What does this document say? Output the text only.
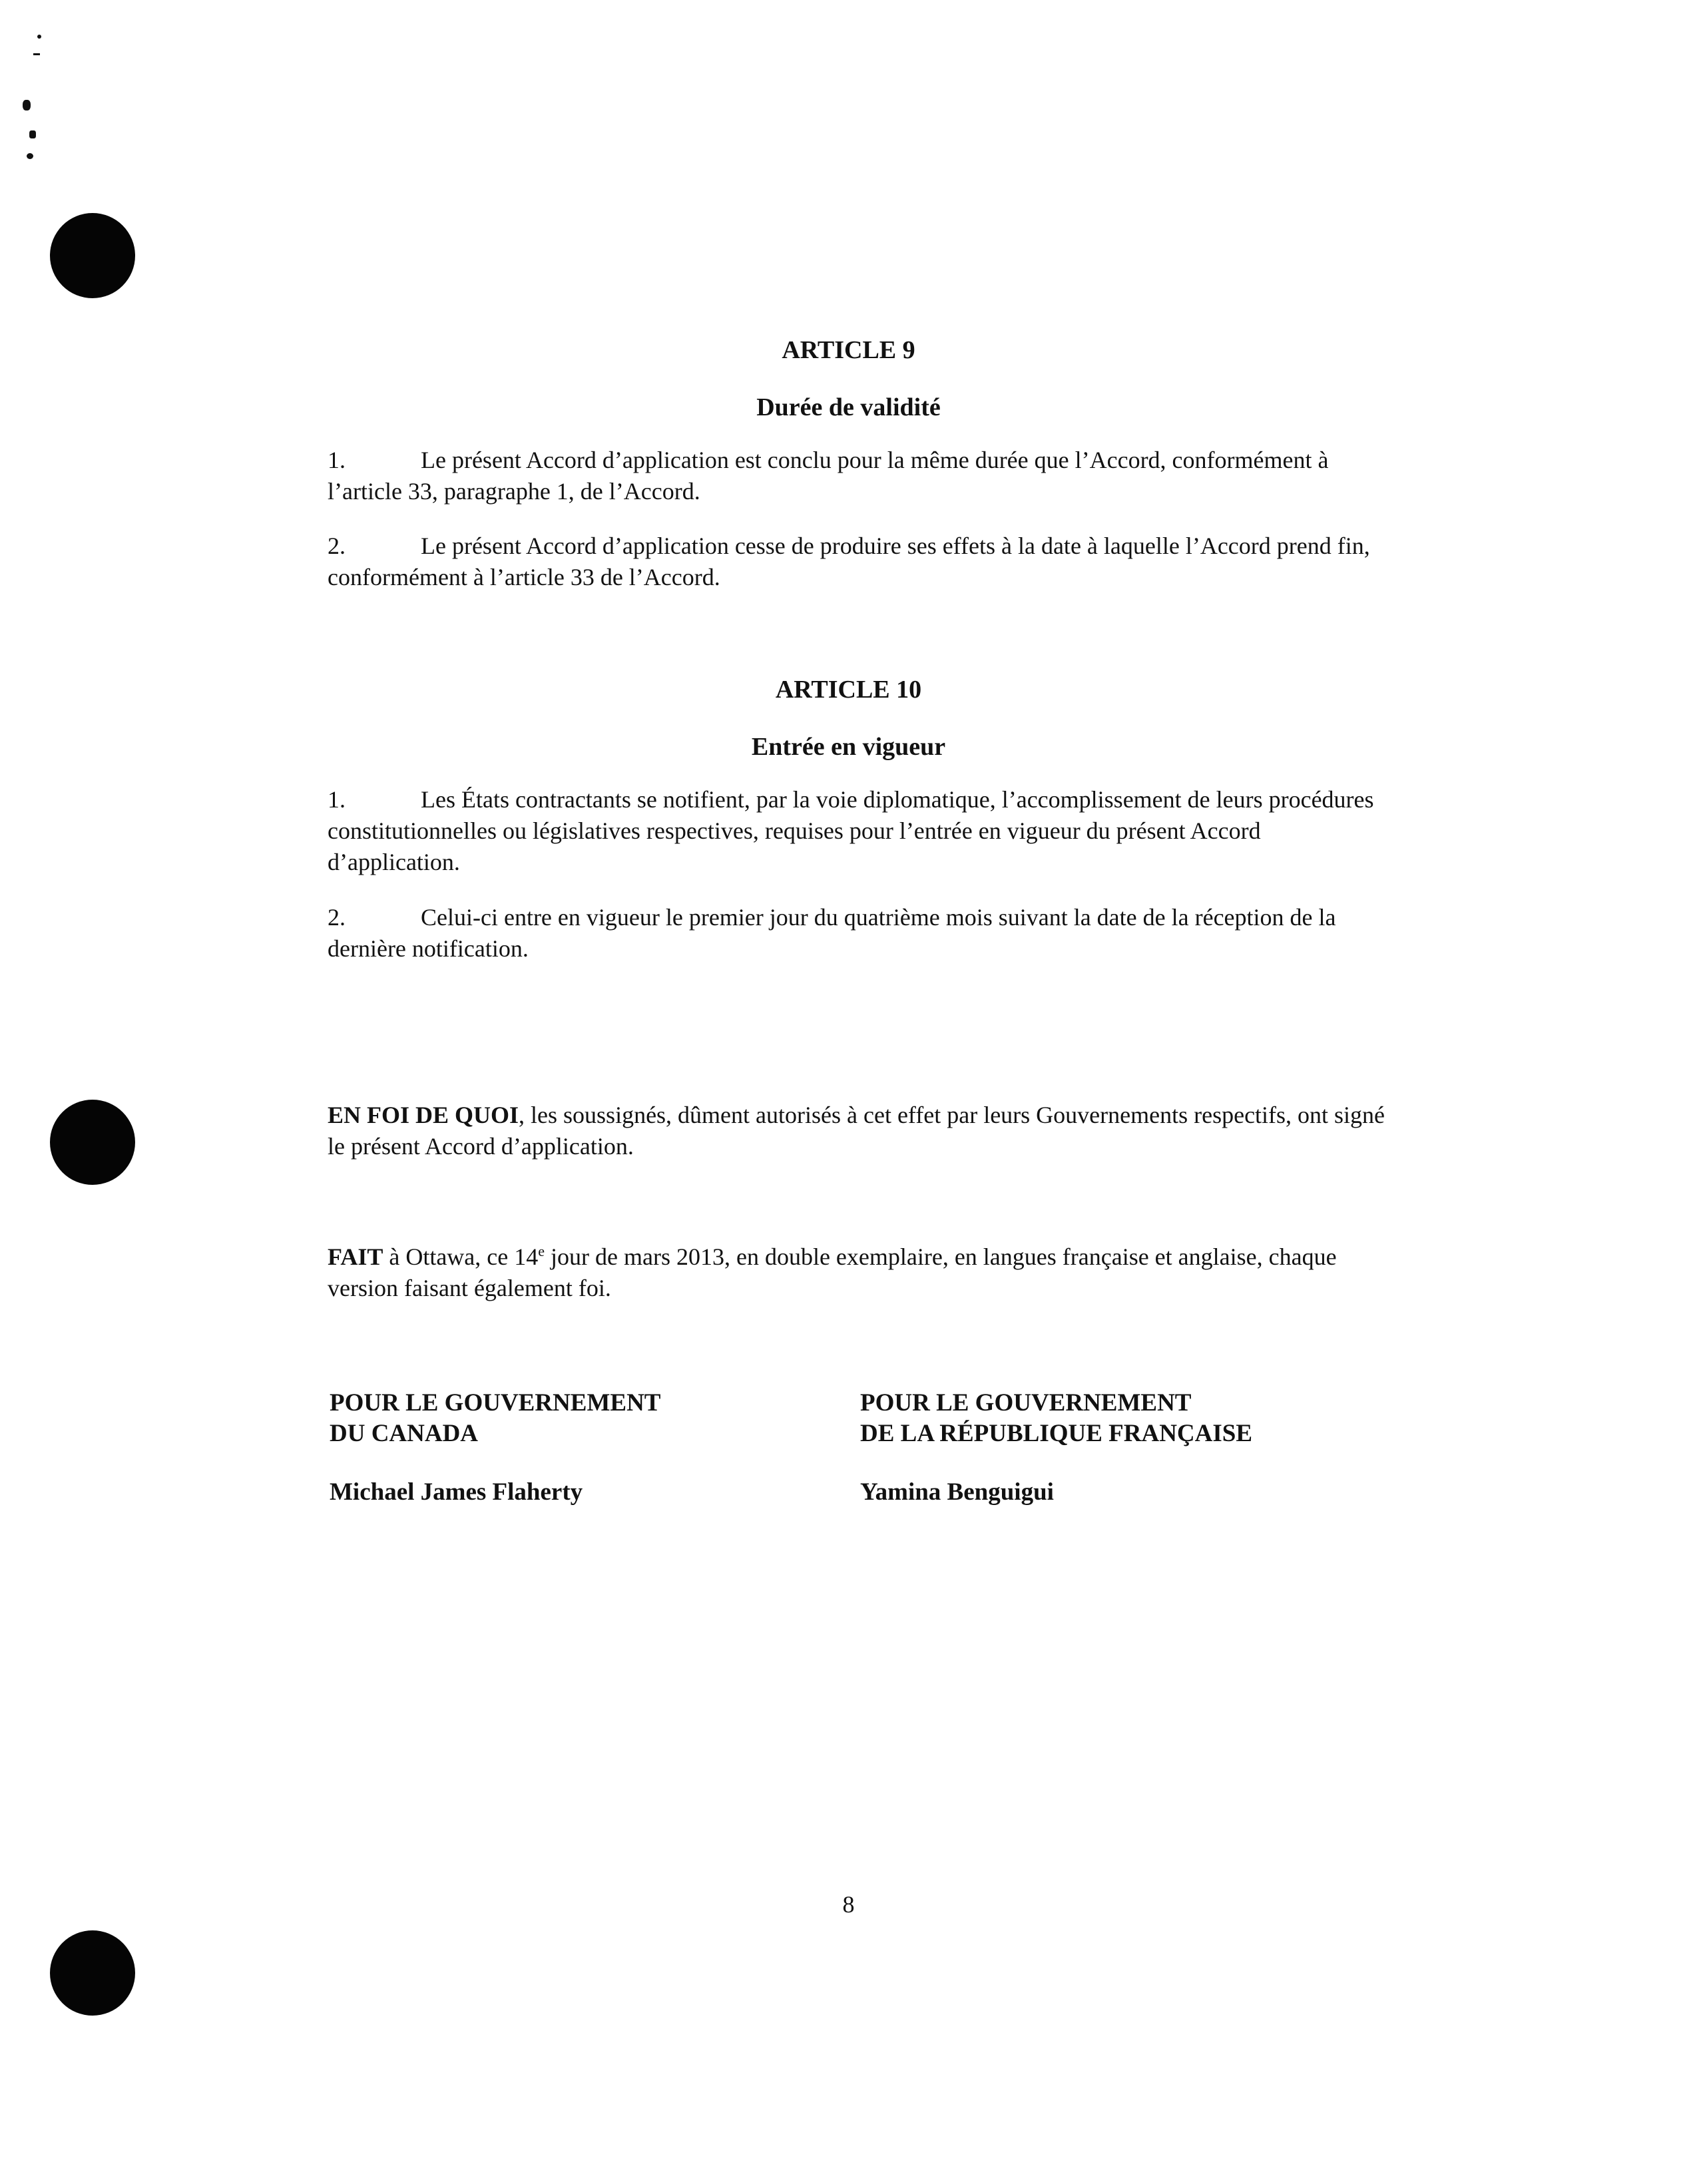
ARTICLE 9
Durée de validité

1.	Le présent Accord d’application est conclu pour la même durée que l’Accord, conformément à l’article 33, paragraphe 1, de l’Accord.

2.	Le présent Accord d’application cesse de produire ses effets à la date à laquelle l’Accord prend fin, conformément à l’article 33 de l’Accord.

ARTICLE 10
Entrée en vigueur

1.	Les États contractants se notifient, par la voie diplomatique, l’accomplissement de leurs procédures constitutionnelles ou législatives respectives, requises pour l’entrée en vigueur du présent Accord d’application.

2.	Celui-ci entre en vigueur le premier jour du quatrième mois suivant la date de la réception de la dernière notification.

EN FOI DE QUOI, les soussignés, dûment autorisés à cet effet par leurs Gouvernements respectifs, ont signé le présent Accord d’application.

FAIT à Ottawa, ce 14e jour de mars 2013, en double exemplaire, en langues française et anglaise, chaque version faisant également foi.

POUR LE GOUVERNEMENT
DU CANADA
Michael James Flaherty
POUR LE GOUVERNEMENT
DE LA RÉPUBLIQUE FRANÇAISE
Yamina Benguigui
8
